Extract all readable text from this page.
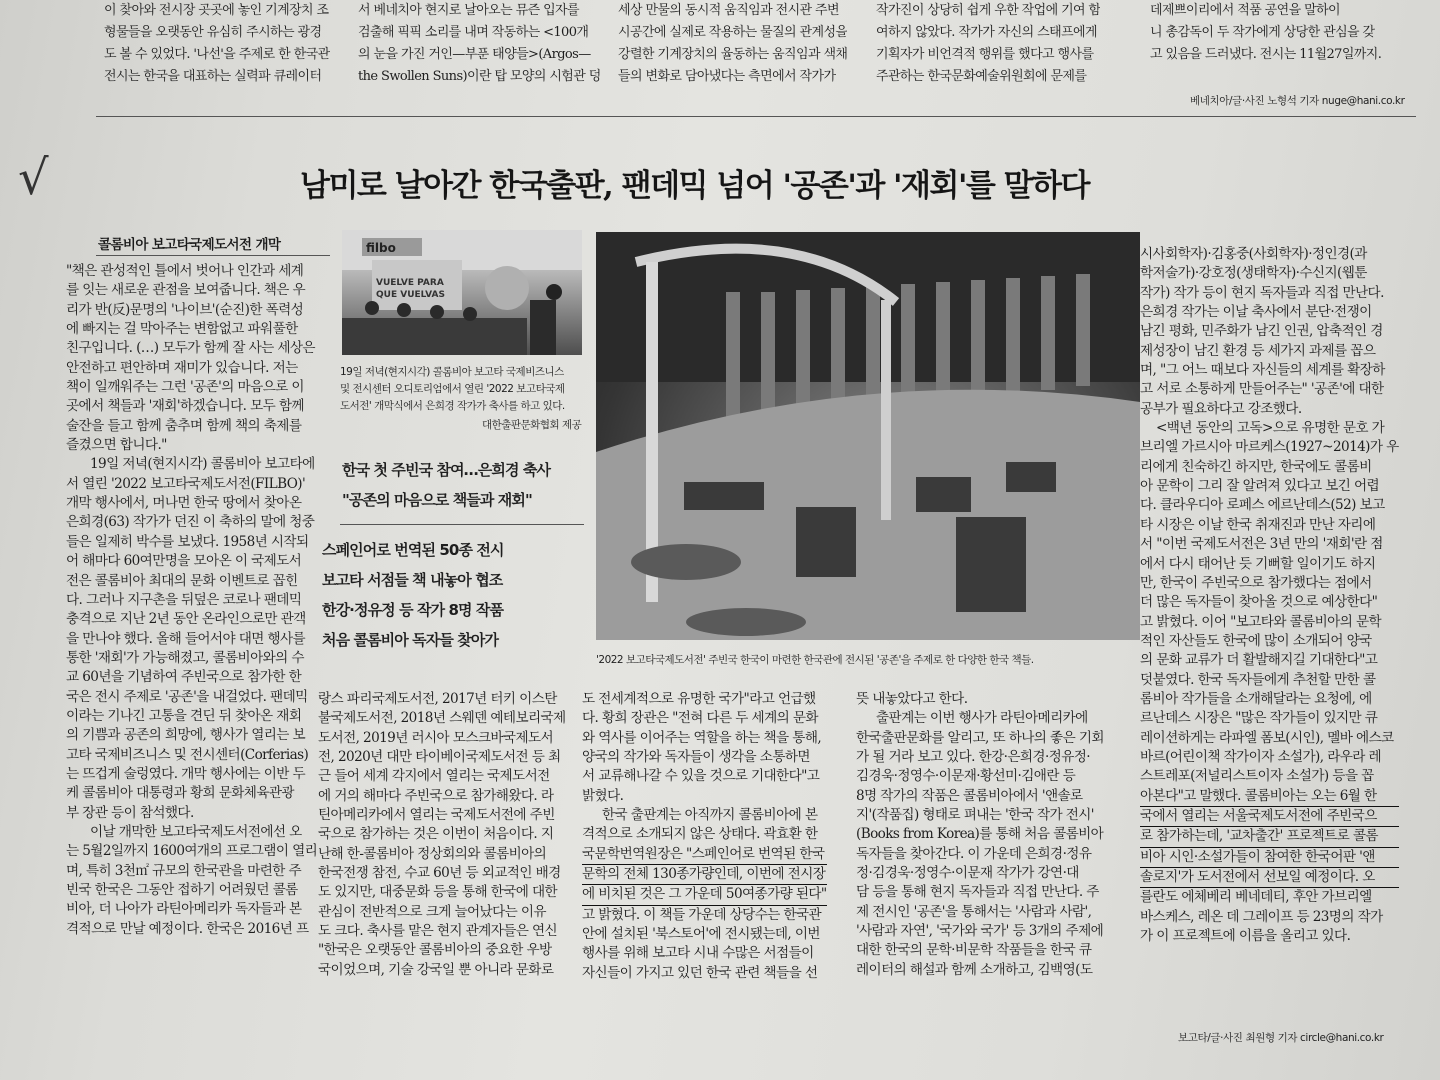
이 찾아와 전시장 곳곳에 놓인 기계장치 조
형물들을 오랫동안 유심히 주시하는 광경
도 볼 수 있었다. '나선'을 주제로 한 한국관
전시는 한국을 대표하는 실력파 큐레이터
서 베네치아 현지로 날아오는 뮤즌 입자를
검출해 픽픽 소리를 내며 작동하는 <100개
의 눈을 가진 거인—부푼 태양들>(Argos—
the Swollen Suns)이란 탑 모양의 시험관 덩
세상 만물의 동시적 움직임과 전시관 주변
시공간에 실제로 작용하는 물질의 관계성을
강렬한 기계장치의 율동하는 움직임과 색채
들의 변화로 담아냈다는 측면에서 작가가
작가진이 상당히 쉽게 우한 작업에 기여 함
여하지 않았다. 작가가 자신의 스태프에게
기획자가 비언격적 행위를 했다고 행사를
주관하는 한국문화예술위원회에 문제를
데제쁘이리에서 적품 공연을 말하이
니 총감독이 두 작가에게 상당한 관심을 갖
고 있음을 드러냈다. 전시는 11월27일까지.
베네치아/글·사진 노형석 기자 nuge@hani.co.kr
√	남미로 날아간 한국출판, 팬데믹 넘어 '공존'과 '재회'를 말하다
콜롬비아 보고타국제도서전 개막
"책은 관성적인 틀에서 벗어나 인간과 세계
를 잇는 새로운 관점을 보여줍니다. 책은 우
리가 반(反)문명의 '나이브'(순진)한 폭력성
에 빠지는 걸 막아주는 변함없고 파워풀한
친구입니다. (…) 모두가 함께 잘 사는 세상은
안전하고 편안하며 재미가 있습니다. 저는
책이 일깨워주는 그런 '공존'의 마음으로 이
곳에서 책들과 '재회'하겠습니다. 모두 함께
술잔을 들고 함께 춤추며 함께 책의 축제를
즐겼으면 합니다."
19일 저녁(현지시각) 콜롬비아 보고타에
서 열린 '2022 보고타국제도서전(FILBO)'
개막 행사에서, 머나먼 한국 땅에서 찾아온
은희경(63) 작가가 던진 이 축하의 말에 청중
들은 일제히 박수를 보냈다. 1958년 시작되
어 해마다 60여만명을 모아온 이 국제도서
전은 콜롬비아 최대의 문화 이벤트로 꼽힌
다. 그러나 지구촌을 뒤덮은 코로나 팬데믹
충격으로 지난 2년 동안 온라인으로만 관객
을 만나야 했다. 올해 들어서야 대면 행사를
통한 '재회'가 가능해졌고, 콜롬비아와의 수
교 60년을 기념하여 주빈국으로 참가한 한
국은 전시 주제로 '공존'을 내걸었다. 팬데믹
이라는 기나긴 고통을 견딘 뒤 찾아온 재회
의 기쁨과 공존의 희망에, 행사가 열리는 보
고타 국제비즈니스 및 전시센터(Corferias)
는 뜨겁게 술렁였다. 개막 행사에는 이반 두
케 콜롬비아 대통령과 황희 문화체육관광
부 장관 등이 참석했다.
이날 개막한 보고타국제도서전에선 오
는 5월2일까지 1600여개의 프로그램이 열리
며, 특히 3천㎡ 규모의 한국관을 마련한 주
빈국 한국은 그동안 접하기 어려웠던 콜롬
비아, 더 나아가 라틴아메리카 독자들과 본
격적으로 만날 예정이다. 한국은 2016년 프
filbo
VUELVE PARA
QUE VUELVAS
19일 저녁(현지시각) 콜롬비아 보고타 국제비즈니스
및 전시센터 오디토리엄에서 열린 '2022 보고타국제
도서전' 개막식에서 은희경 작가가 축사를 하고 있다.
대한출판문화협회 제공
한국 첫 주빈국 참여…은희경 축사
"공존의 마음으로 책들과 재회"
스페인어로 번역된 50종 전시
보고타 서점들 책 내놓아 협조
한강·정유정 등 작가 8명 작품
처음 콜롬비아 독자들 찾아가
'2022 보고타국제도서전' 주빈국 한국이 마련한 한국관에 전시된 '공존'을 주제로 한 다양한 한국 책들.
랑스 파리국제도서전, 2017년 터키 이스탄
불국제도서전, 2018년 스웨덴 예테보리국제
도서전, 2019년 러시아 모스크바국제도서
전, 2020년 대만 타이베이국제도서전 등 최
근 들어 세계 각지에서 열리는 국제도서전
에 거의 해마다 주빈국으로 참가해왔다. 라
틴아메리카에서 열리는 국제도서전에 주빈
국으로 참가하는 것은 이번이 처음이다. 지
난해 한-콜롬비아 정상회의와 콜롬비아의
한국전쟁 참전, 수교 60년 등 외교적인 배경
도 있지만, 대중문화 등을 통해 한국에 대한
관심이 전반적으로 크게 늘어났다는 이유
도 크다. 축사를 맡은 현지 관계자들은 연신
"한국은 오랫동안 콜롬비아의 중요한 우방
국이었으며, 기술 강국일 뿐 아니라 문화로
도 전세계적으로 유명한 국가"라고 언급했
다. 황희 장관은 "전혀 다른 두 세계의 문화
와 역사를 이어주는 역할을 하는 책을 통해,
양국의 작가와 독자들이 생각을 소통하면
서 교류해나갈 수 있을 것으로 기대한다"고
밝혔다.
한국 출판계는 아직까지 콜롬비아에 본
격적으로 소개되지 않은 상태다. 곽효환 한
국문학번역원장은 "스페인어로 번역된 한국
문학의 전체 130종가량인데, 이번에 전시장
에 비치된 것은 그 가운데 50여종가량 된다"
고 밝혔다. 이 책들 가운데 상당수는 한국관
안에 설치된 '북스토어'에 전시됐는데, 이번
행사를 위해 보고타 시내 수많은 서점들이
자신들이 가지고 있던 한국 관련 책들을 선
뜻 내놓았다고 한다.
출판계는 이번 행사가 라틴아메리카에
한국출판문화를 알리고, 또 하나의 좋은 기회
가 될 거라 보고 있다. 한강·은희경·정유정·
김경욱·정영수·이문재·황선미·김애란 등
8명 작가의 작품은 콜롬비아에서 '앤솔로
지'(작품집) 형태로 펴내는 '한국 작가 전시'
(Books from Korea)를 통해 처음 콜롬비아
독자들을 찾아간다. 이 가운데 은희경·정유
정·김경욱·정영수·이문재 작가가 강연·대
담 등을 통해 현지 독자들과 직접 만난다. 주
제 전시인 '공존'을 통해서는 '사람과 사람',
'사람과 자연', '국가와 국가' 등 3개의 주제에
대한 한국의 문학·비문학 작품들을 한국 큐
레이터의 해설과 함께 소개하고, 김백영(도
시사회학자)·김홍중(사회학자)·정인경(과
학저술가)·강호정(생태학자)·수신지(웹툰
작가) 작가 등이 현지 독자들과 직접 만난다.
은희경 작가는 이날 축사에서 분단·전쟁이
남긴 평화, 민주화가 남긴 인권, 압축적인 경
제성장이 남긴 환경 등 세가지 과제를 꼽으
며, "그 어느 때보다 자신들의 세계를 확장하
고 서로 소통하게 만들어주는" '공존'에 대한
공부가 필요하다고 강조했다.
<백년 동안의 고독>으로 유명한 문호 가
브리엘 가르시아 마르케스(1927~2014)가 우
리에게 친숙하긴 하지만, 한국에도 콜롬비
아 문학이 그리 잘 알려져 있다고 보긴 어렵
다. 클라우디아 로페스 에르난데스(52) 보고
타 시장은 이날 한국 취재진과 만난 자리에
서 "이번 국제도서전은 3년 만의 '재회'란 점
에서 다시 태어난 듯 기뻐할 일이기도 하지
만, 한국이 주빈국으로 참가했다는 점에서
더 많은 독자들이 찾아올 것으로 예상한다"
고 밝혔다. 이어 "보고타와 콜롬비아의 문학
적인 자산들도 한국에 많이 소개되어 양국
의 문화 교류가 더 활발해지길 기대한다"고
덧붙였다. 한국 독자들에게 추천할 만한 콜
롬비아 작가들을 소개해달라는 요청에, 에
르난데스 시장은 "많은 작가들이 있지만 큐
레이션하게는 라파엘 폼보(시인), 멜바 에스코
바르(어린이책 작가이자 소설가), 라우라 레
스트레포(저널리스트이자 소설가) 등을 꼽
아본다"고 말했다. 콜롬비아는 오는 6월 한
국에서 열리는 서울국제도서전에 주빈국으
로 참가하는데, '교차출간' 프로젝트로 콜롬
비아 시인·소설가들이 참여한 한국어판 '앤
솔로지'가 도서전에서 선보일 예정이다. 오
를란도 에체베리 베네데티, 후안 가브리엘
바스케스, 레온 데 그레이프 등 23명의 작가
가 이 프로젝트에 이름을 올리고 있다.
보고타/글·사진 최원형 기자 circle@hani.co.kr
